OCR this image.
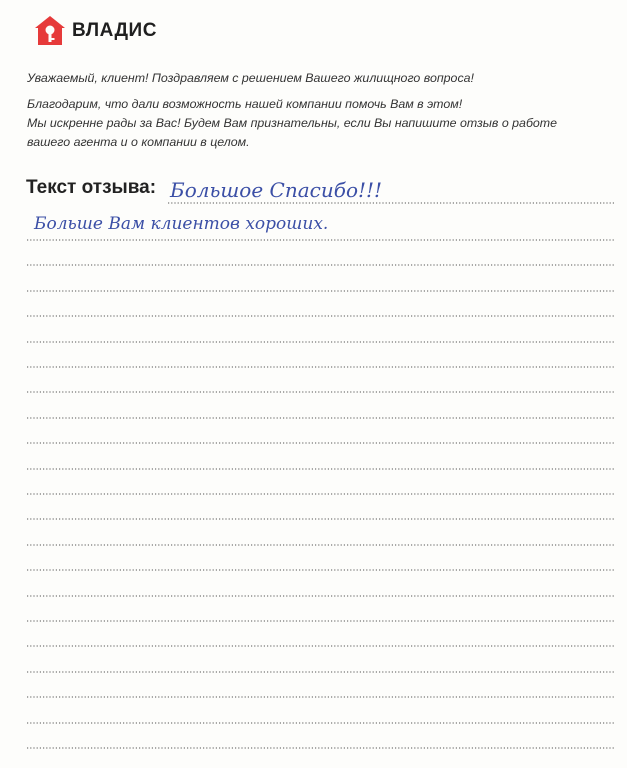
ВЛАДИС
Уважаемый, клиент! Поздравляем с решением Вашего жилищного вопроса!
Благодарим, что дали возможность нашей компании помочь Вам в этом!
Мы искренне рады за Вас! Будем Вам признательны, если Вы напишите отзыв о работе
вашего агента и о компании в целом.
Текст отзыва: Большое Спасибо!!!
Больше Вам клиентов хороших.
